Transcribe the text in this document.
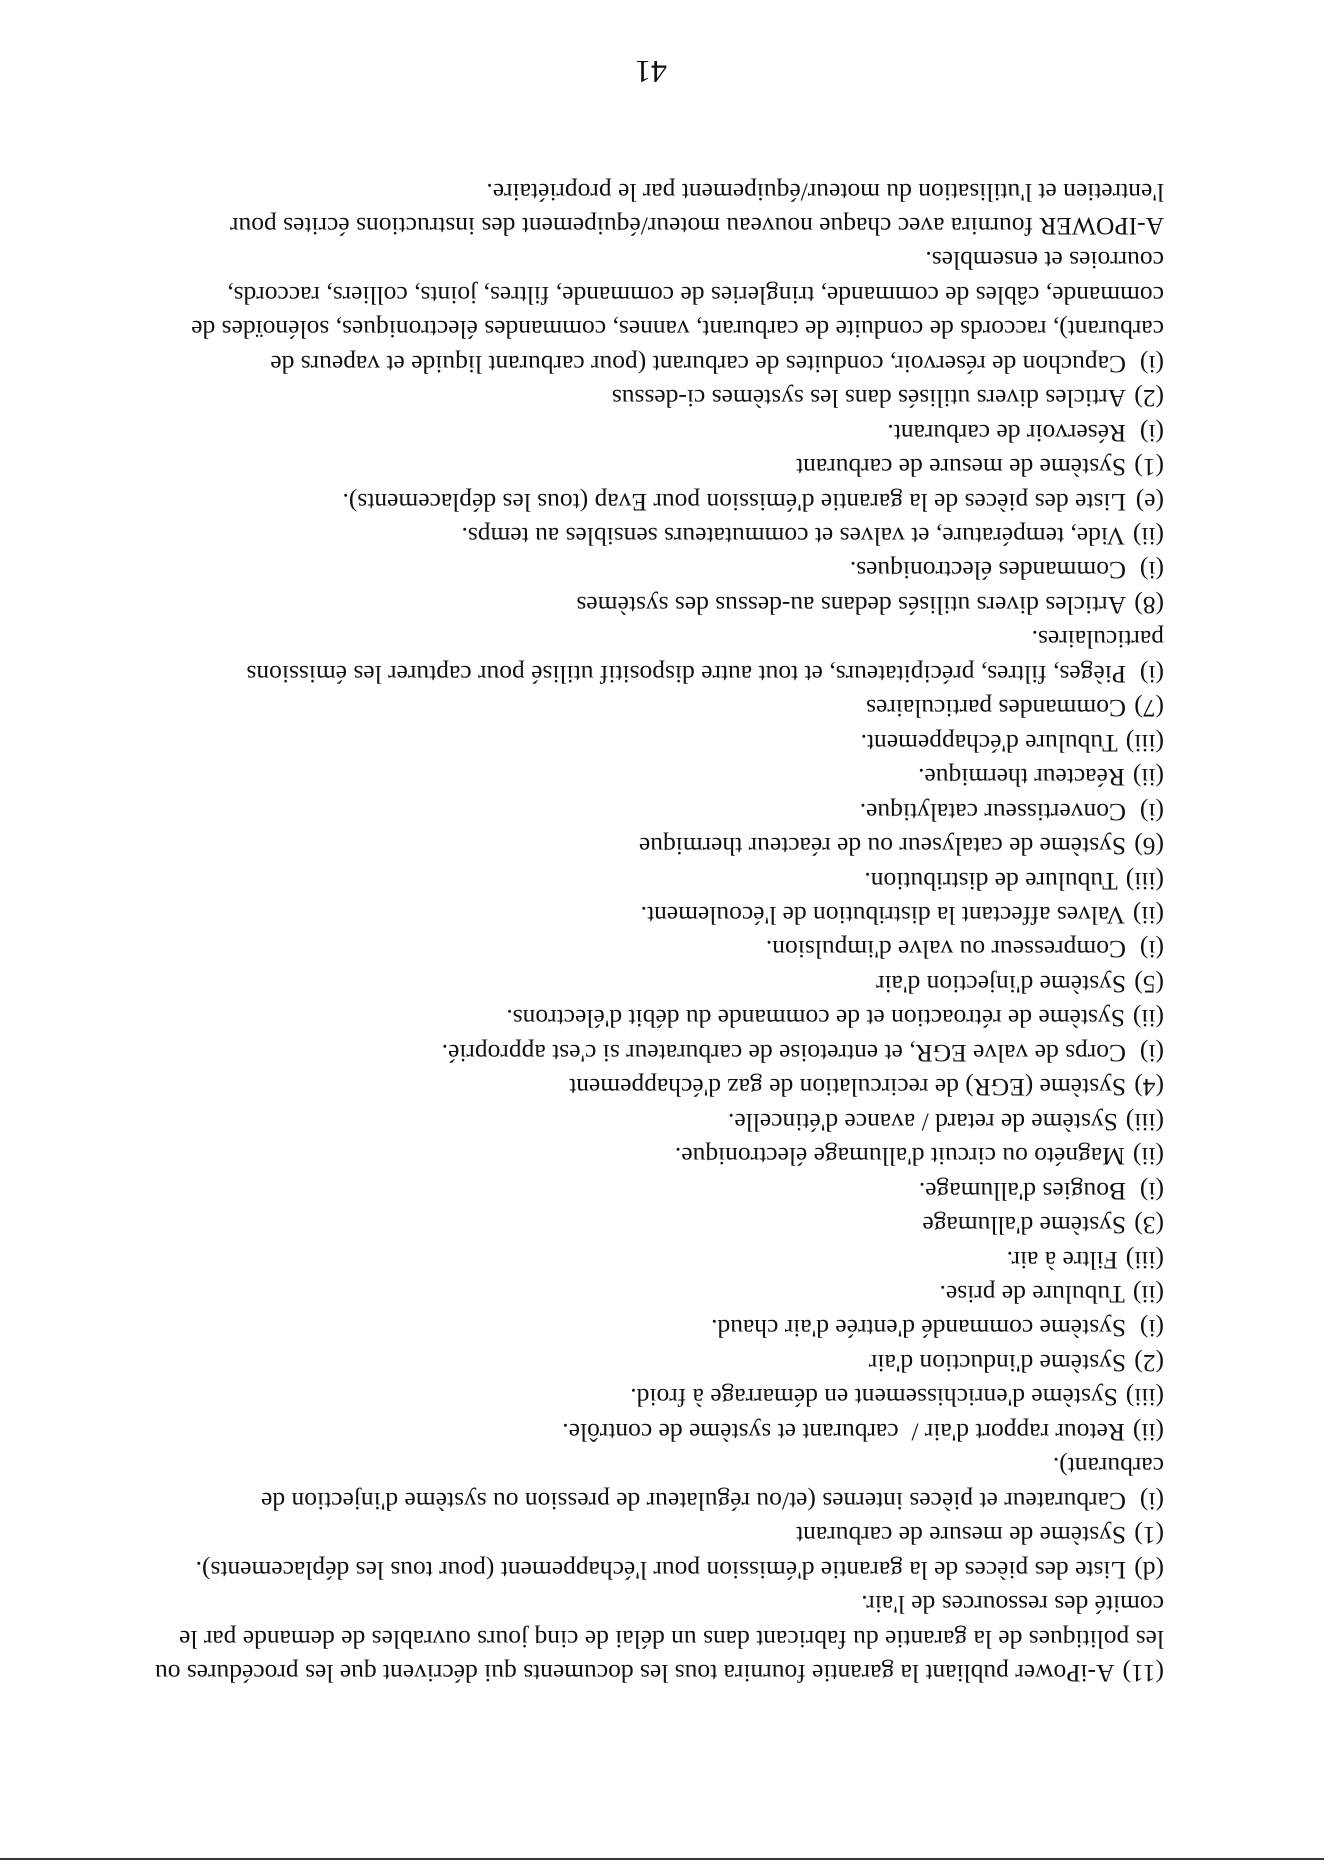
(11)A-iPower publiant la garantie fournira tous les documents qui décrivent que les procédures ou
les politiques de la garantie du fabricant dans un délai de cinq jours ouvrables de demande par le
comité des ressources de l'air.
(d)Liste des pièces de la garantie d'émission pour l'échappement (pour tous les déplacements).
(1)Système de mesure de carburant
(i)Carburateur et pièces internes (et/ou régulateur de pression ou système d'injection de
carburant).
(ii)Retour rapport d'air /  carburant et système de contrôle.
(iii)Système d'enrichissement en démarrage à froid.
(2)Système d'induction d'air
(i)Système commandé d'entrée d'air chaud.
(ii)Tubulure de prise.
(iii)Filtre à air.
(3)Système d'allumage
(i)Bougies d'allumage.
(ii)Magnéto ou circuit d'allumage électronique.
(iii)Système de retard / avance d'étincelle.
(4)Système (EGR) de recirculation de gaz d'échappement
(i)Corps de valve EGR, et entretoise de carburateur si c'est approprié.
(ii)Système de rétroaction et de commande du débit d'électrons.
(5)Système d'injection d'air
(i)Compresseur ou valve d'impulsion.
(ii)Valves affectant la distribution de l'écoulement.
(iii)Tubulure de distribution.
(6)Système de catalyseur ou de réacteur thermique
(i)Convertisseur catalytique.
(ii)Réacteur thermique.
(iii)Tubulure d'échappement.
(7)Commandes particulaires
(i)Pièges, filtres, précipitateurs, et tout autre dispositif utilisé pour capturer les émissions
particulaires.
(8)Articles divers utilisés dedans au-dessus des systèmes
(i)Commandes électroniques.
(ii)Vide, température, et valves et commutateurs sensibles au temps.
(e)Liste des pièces de la garantie d'émission pour Evap (tous les déplacements).
(1)Système de mesure de carburant
(i)Réservoir de carburant.
(2)Articles divers utilisés dans les systèmes ci-dessus
(i)Capuchon de réservoir, conduites de carburant (pour carburant liquide et vapeurs de
carburant), raccords de conduite de carburant, vannes, commandes électroniques, solénoïdes de
commande, câbles de commande, tringleries de commande, filtres, joints, colliers, raccords,
courroies et ensembles.
A-IPOWER fournira avec chaque nouveau moteur/équipement des instructions écrites pour
l'entretien et l'utilisation du moteur/équipement par le propriétaire.
41
